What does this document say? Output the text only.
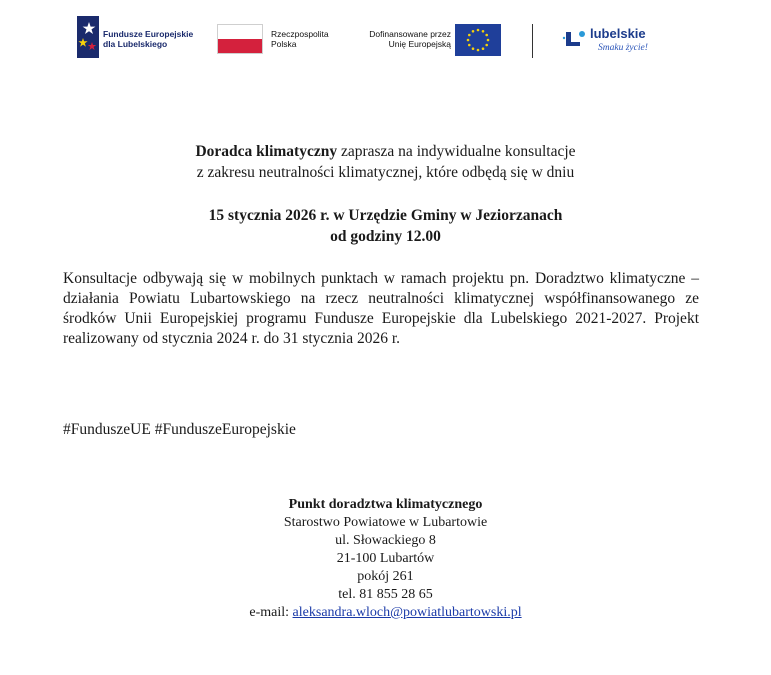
Fundusze Europejskie
dla Lubelskiego
Rzeczpospolita
Polska
Dofinansowane przez
Unię Europejską
lubelskie
Smaku życie!
Doradca klimatyczny zaprasza na indywidualne konsultacje
z zakresu neutralności klimatycznej, które odbędą się w dniu
15 stycznia 2026 r. w Urzędzie Gminy w Jeziorzanach
od godziny 12.00
Konsultacje odbywają się w mobilnych punktach w ramach projektu pn. Doradztwo klimatyczne – działania Powiatu Lubartowskiego na rzecz neutralności klimatycznej współfinansowanego ze środków Unii Europejskiej programu Fundusze Europejskie dla Lubelskiego 2021-2027. Projekt realizowany od stycznia 2024 r. do 31 stycznia 2026 r.
#FunduszeUE #FunduszeEuropejskie
Punkt doradztwa klimatycznego
Starostwo Powiatowe w Lubartowie
ul. Słowackiego 8
21-100 Lubartów
pokój 261
tel. 81 855 28 65
e-mail: aleksandra.wloch@powiatlubartowski.pl
